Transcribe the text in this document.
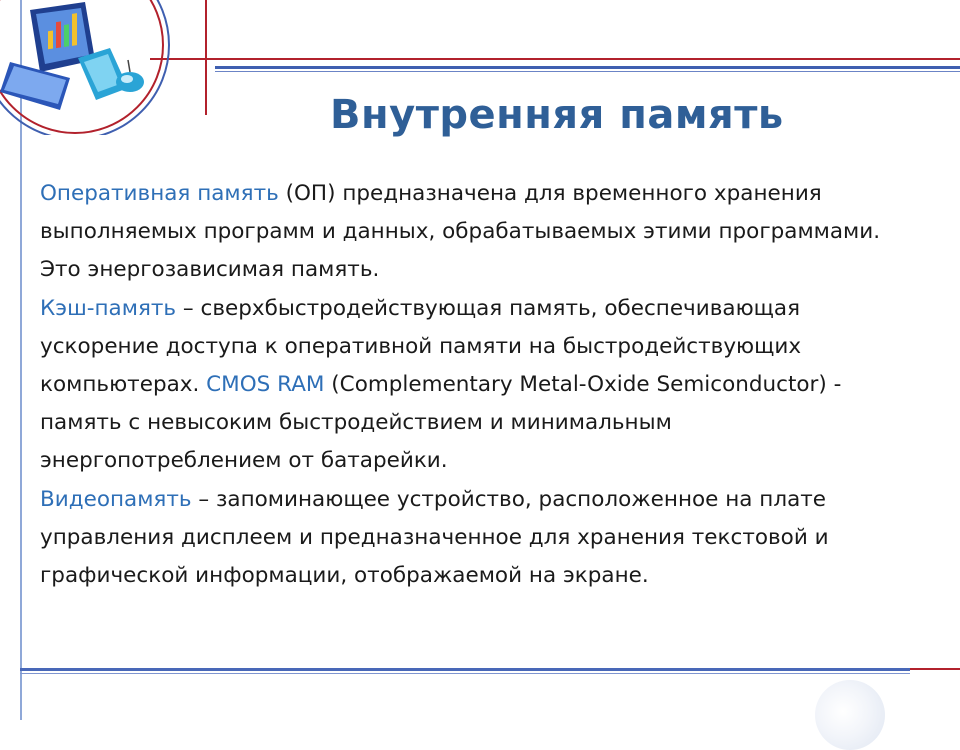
Внутренняя память

Оперативная память (ОП) предназначена для временного хранения выполняемых программ и данных, обрабатываемых этими программами. Это энергозависимая память.

Кэш-память – сверхбыстродействующая память, обеспечивающая ускорение доступа к оперативной памяти на быстродействующих компьютерах. CMOS RAM (Complementary Metal-Oxide Semiconductor) - память с невысоким быстродействием и минимальным энергопотреблением от батарейки.

Видеопамять – запоминающее устройство, расположенное на плате управления дисплеем и предназначенное для хранения текстовой и графической информации, отображаемой на экране.
